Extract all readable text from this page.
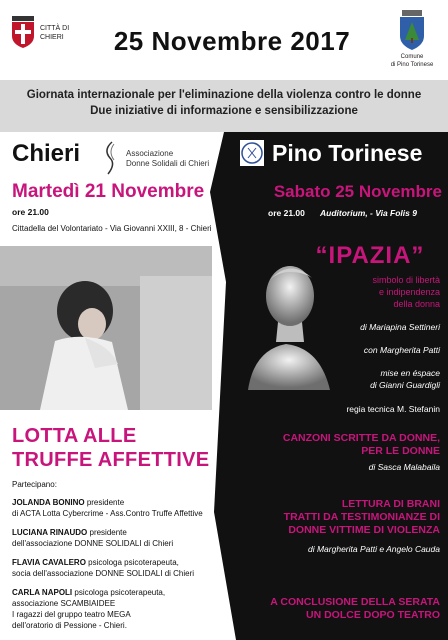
CITTÀ DI CHIERI	25 Novembre 2017
Comune
di Pino Torinese
Giornata internazionale per l'eliminazione della violenza contro le donne
Due iniziative di informazione e sensibilizzazione
Chieri	Associazione
Donne Solidali di Chieri
Martedì 21 Novembre
ore 21.00
Cittadella del Volontariato - Via Giovanni XXIII, 8 - Chieri
LOTTA ALLE
TRUFFE AFFETTIVE
Partecipano:
JOLANDA BONINO presidente
di ACTA Lotta Cybercrime - Ass.Contro Truffe Affettive
LUCIANA RINAUDO presidente
dell'associazione DONNE SOLIDALI di Chieri
FLAVIA CAVALERO psicologa psicoterapeuta,
socia dell'associazione DONNE SOLIDALI di Chieri
CARLA NAPOLI psicologa psicoterapeuta,
associazione SCAMBIAIDEE
I ragazzi del gruppo teatro MEGA
dell'oratorio di Pessione - Chieri.
Pino Torinese
Sabato 25 Novembre
ore 21.00 Auditorium, - Via Folis 9
“IPAZIA”
simbolo di libertà
e indipendenza
della donna
di Mariapina Settineri
con Margherita Patti
mise en éspace
di Gianni Guardigli
regia tecnica M. Stefanin
CANZONI SCRITTE DA DONNE,
PER LE DONNE
di Sasca Malabaila
LETTURA DI BRANI
TRATTI DA TESTIMONIANZE DI
DONNE VITTIME DI VIOLENZA
di Margherita Patti e Angelo Cauda
A CONCLUSIONE DELLA SERATA
UN DOLCE DOPO TEATRO
